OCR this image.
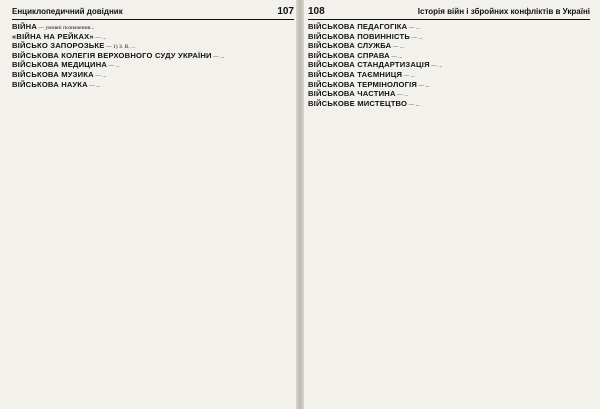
Енциклопедичний довідник	107

ВІЙНА — умовні позначення...

«ВІЙНА НА РЕЙКАХ» — ...

ВІЙСЬКО ЗАПОРОЗЬКЕ — 1) З. В. ...

ВІЙСЬКОВА КОЛЕГІЯ ВЕРХОВНОГО СУДУ УКРАЇНИ — ...

ВІЙСЬКОВА МЕДИЦИНА — ...

ВІЙСЬКОВА МУЗИКА — ...

ВІЙСЬКОВА НАУКА — ...

108	Історія війн і збройних конфліктів в Україні

ВІЙСЬКОВА ПЕДАГОГІКА — ...

ВІЙСЬКОВА ПОВИННІСТЬ — ...

ВІЙСЬКОВА СЛУЖБА — ...

ВІЙСЬКОВА СПРАВА — ...

ВІЙСЬКОВА СТАНДАРТИЗАЦІЯ — ...

ВІЙСЬКОВА ТАЄМНИЦЯ — ...

ВІЙСЬКОВА ТЕРМІНОЛОГІЯ — ...

ВІЙСЬКОВА ЧАСТИНА — ...

ВІЙСЬКОВЕ МИСТЕЦТВО — ...
